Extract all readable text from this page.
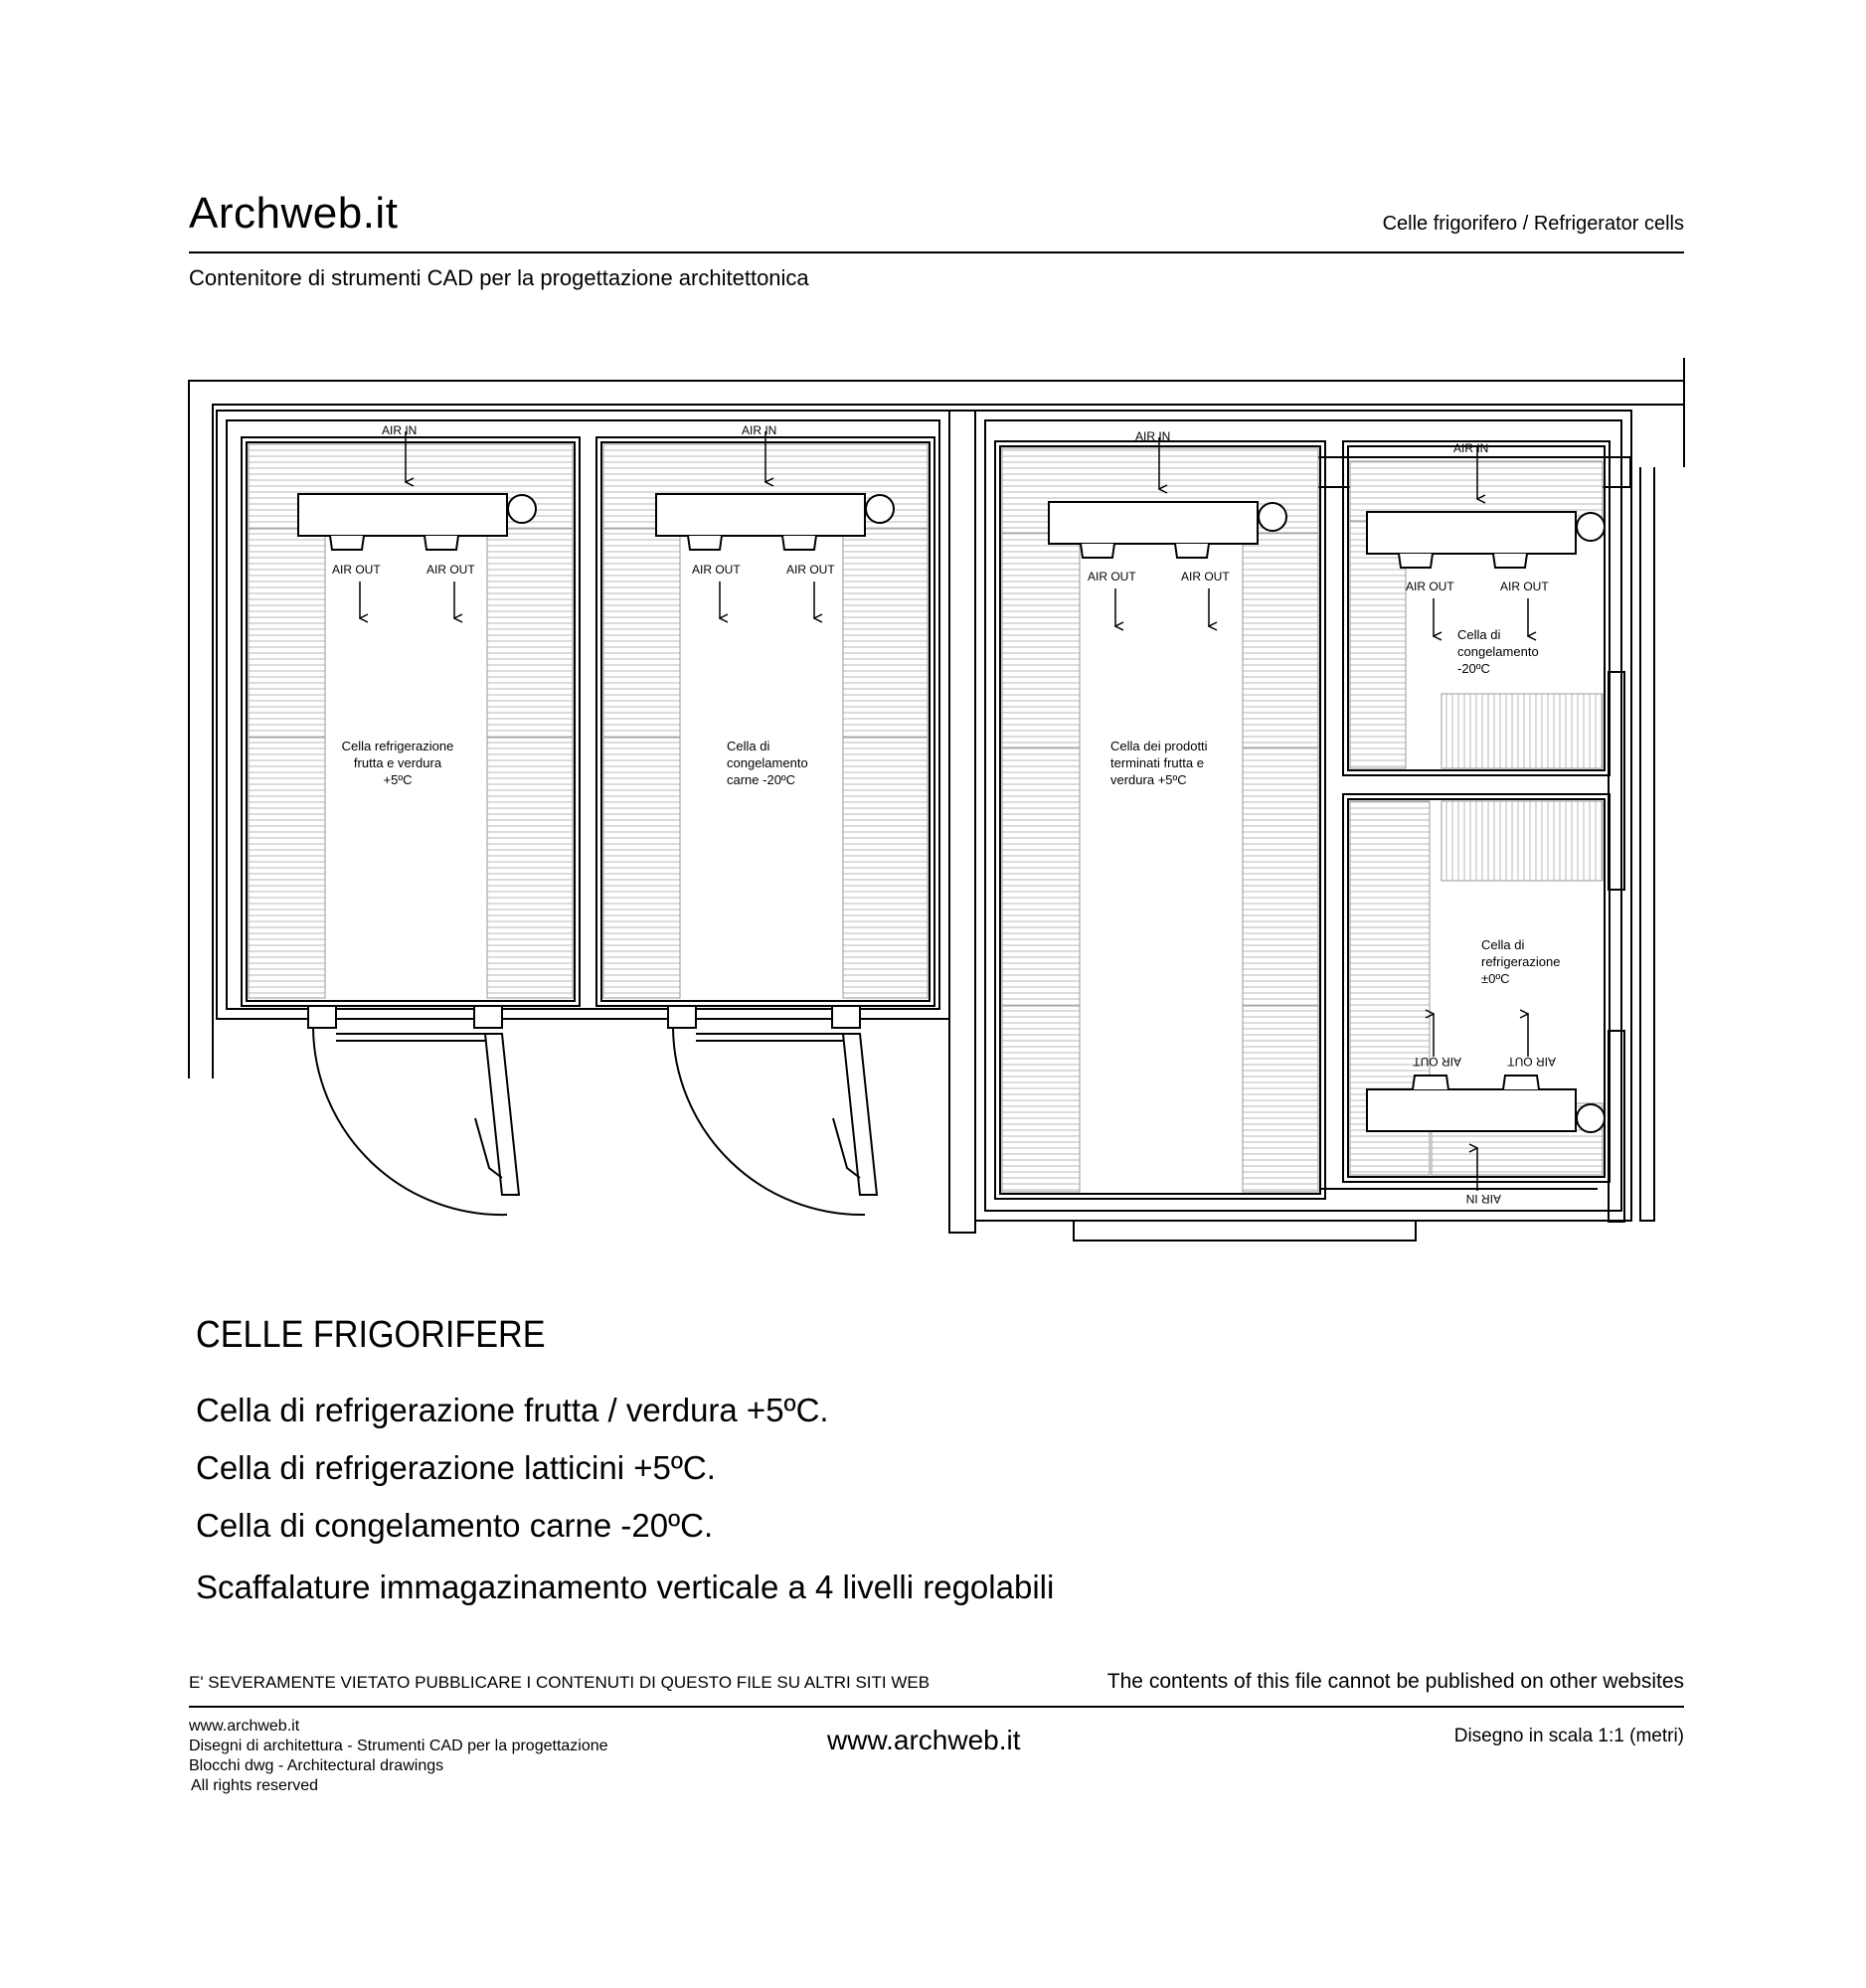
Archweb.it	Celle frigorifero / Refrigerator cells
Contenitore di strumenti CAD per la progettazione architettonica
AIR IN	AIR IN	AIR IN
AIR IN
AIR OUT	AIR OUT	AIR OUT	AIR OUT	AIR OUT	AIR OUT
AIR OUT	AIR OUT
AIR OUT	AIR OUT
AIR IN
Cella refrigerazione
frutta e verdura
+5ºC
Cella di
congelamento
carne -20ºC
Cella dei prodotti
terminati frutta e
verdura +5ºC
Cella di
congelamento
-20ºC
Cella di
refrigerazione
±0ºC
CELLE FRIGORIFERE
Cella di refrigerazione frutta / verdura +5ºC.
Cella di refrigerazione latticini +5ºC.
Cella di congelamento carne -20ºC.
Scaffalature immagazinamento verticale a 4 livelli regolabili
E' SEVERAMENTE VIETATO PUBBLICARE I CONTENUTI DI QUESTO FILE SU ALTRI SITI WEB	The contents of this file cannot be published on other websites
www.archweb.it
Disegni di architettura - Strumenti CAD per la progettazione
Blocchi dwg - Architectural drawings
All rights reserved
www.archweb.it	Disegno in scala 1:1 (metri)
